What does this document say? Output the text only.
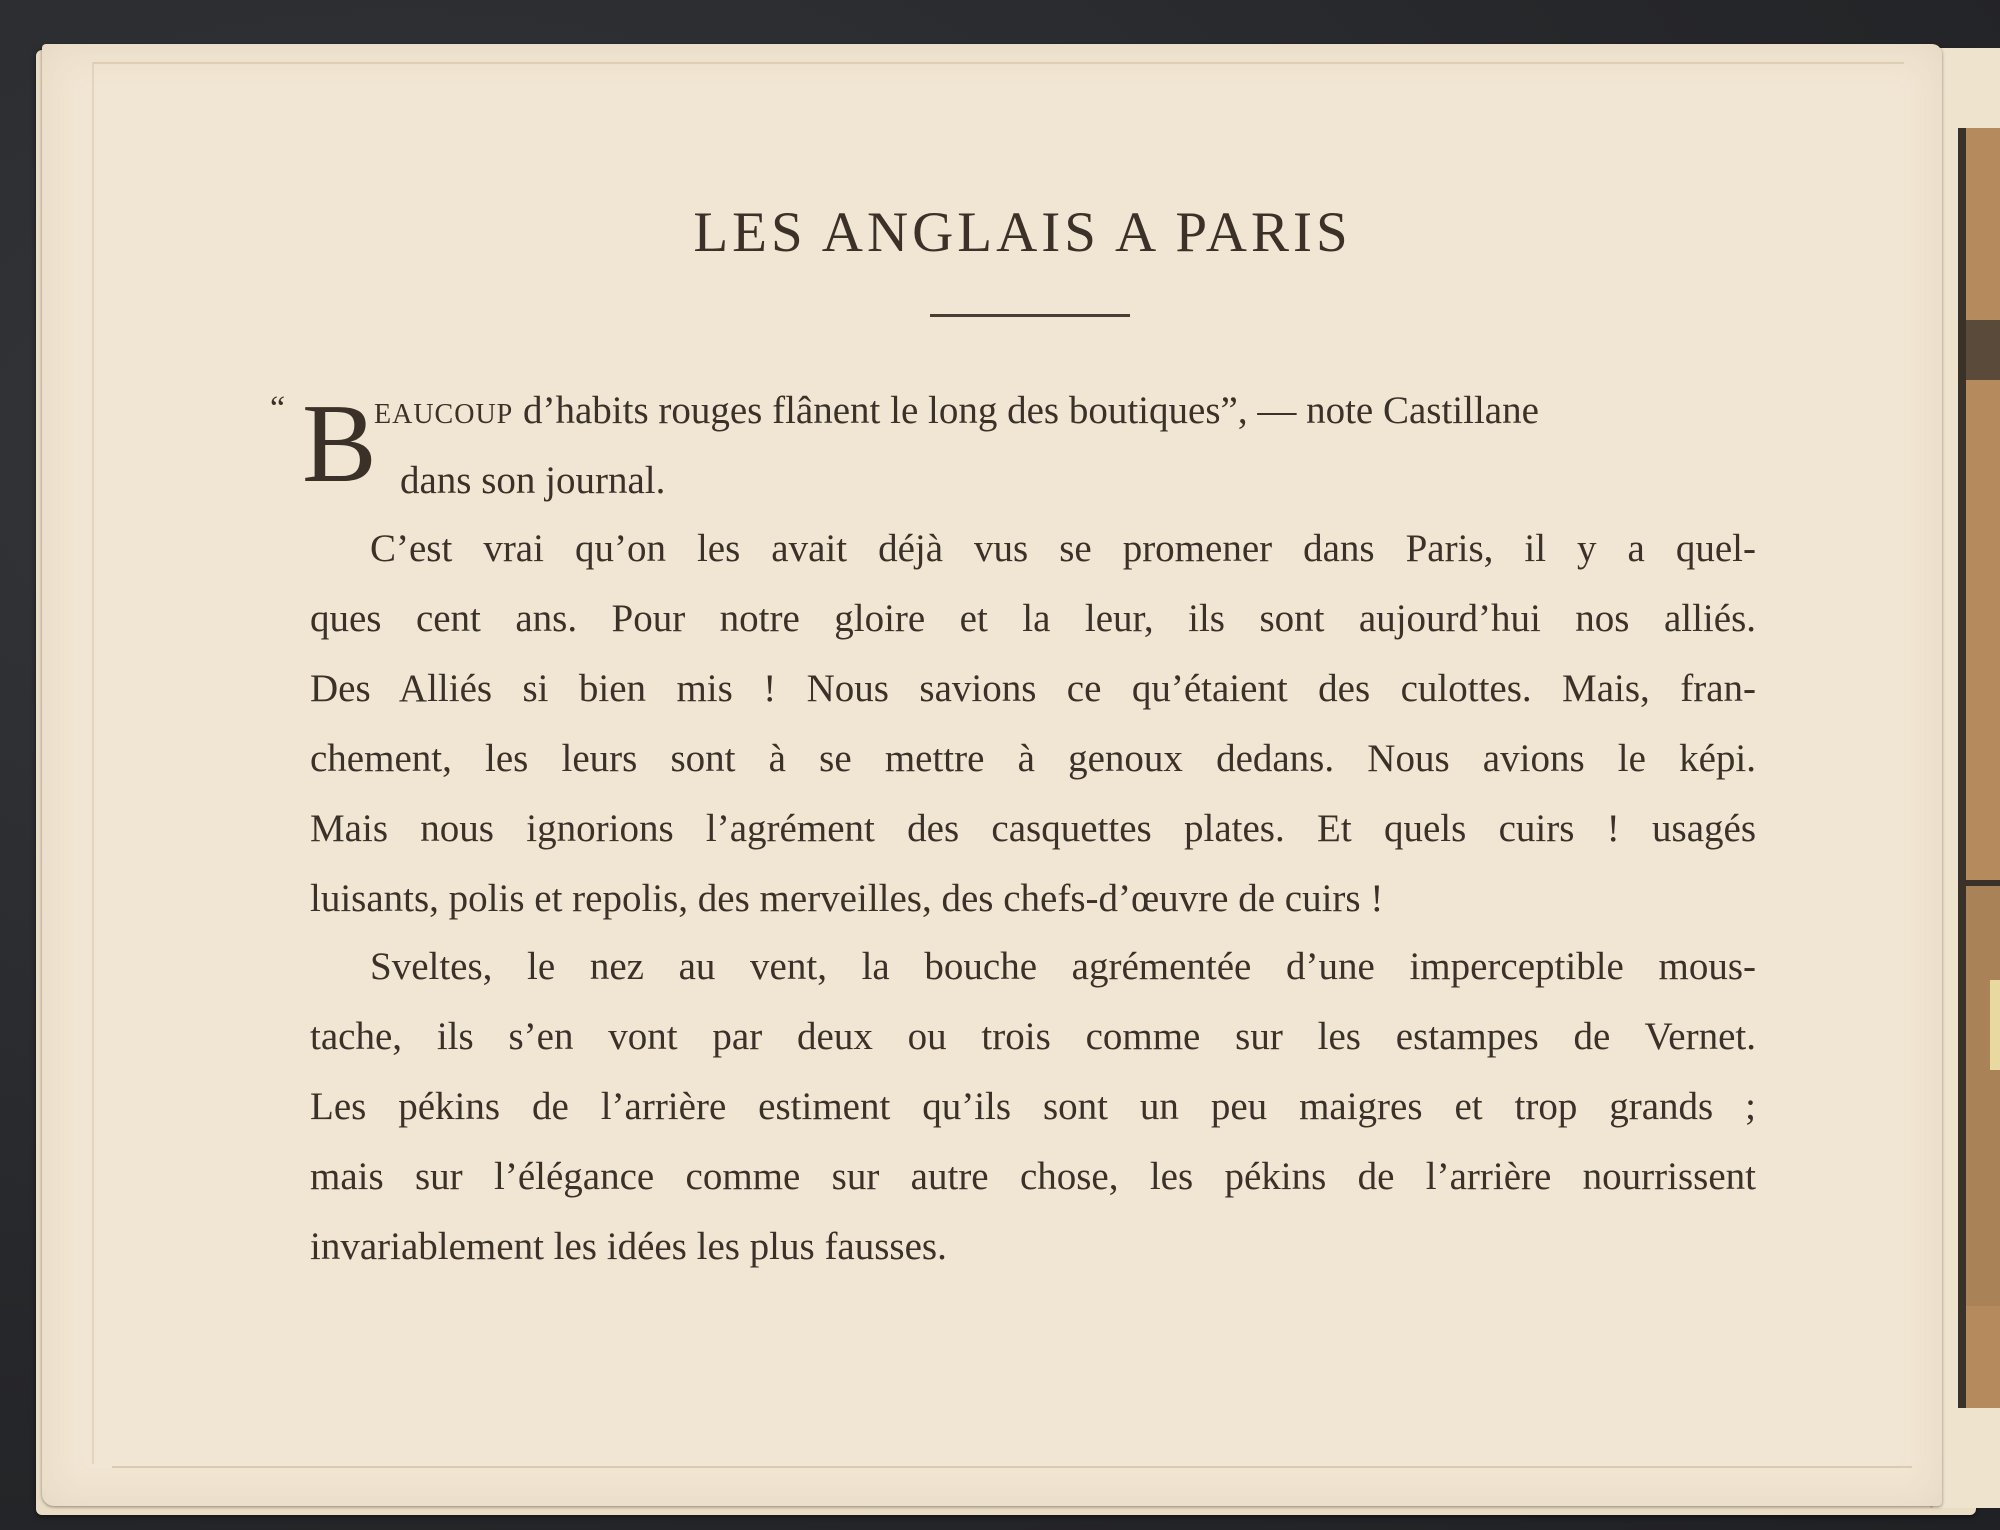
LES ANGLAIS A PARIS
“ B
EAUCOUP d’habits rouges flânent le long des boutiques”, — note Castillane
dans son journal.
C’est vrai qu’on les avait déjà vus se promener dans Paris, il y a quel-
ques cent ans. Pour notre gloire et la leur, ils sont aujourd’hui nos alliés.
Des Alliés si bien mis ! Nous savions ce qu’étaient des culottes. Mais, fran-
chement, les leurs sont à se mettre à genoux dedans. Nous avions le képi.
Mais nous ignorions l’agrément des casquettes plates. Et quels cuirs ! usagés
luisants, polis et repolis, des merveilles, des chefs-d’œuvre de cuirs !
Sveltes, le nez au vent, la bouche agrémentée d’une imperceptible mous-
tache, ils s’en vont par deux ou trois comme sur les estampes de Vernet.
Les pékins de l’arrière estiment qu’ils sont un peu maigres et trop grands ;
mais sur l’élégance comme sur autre chose, les pékins de l’arrière nourrissent
invariablement les idées les plus fausses.
